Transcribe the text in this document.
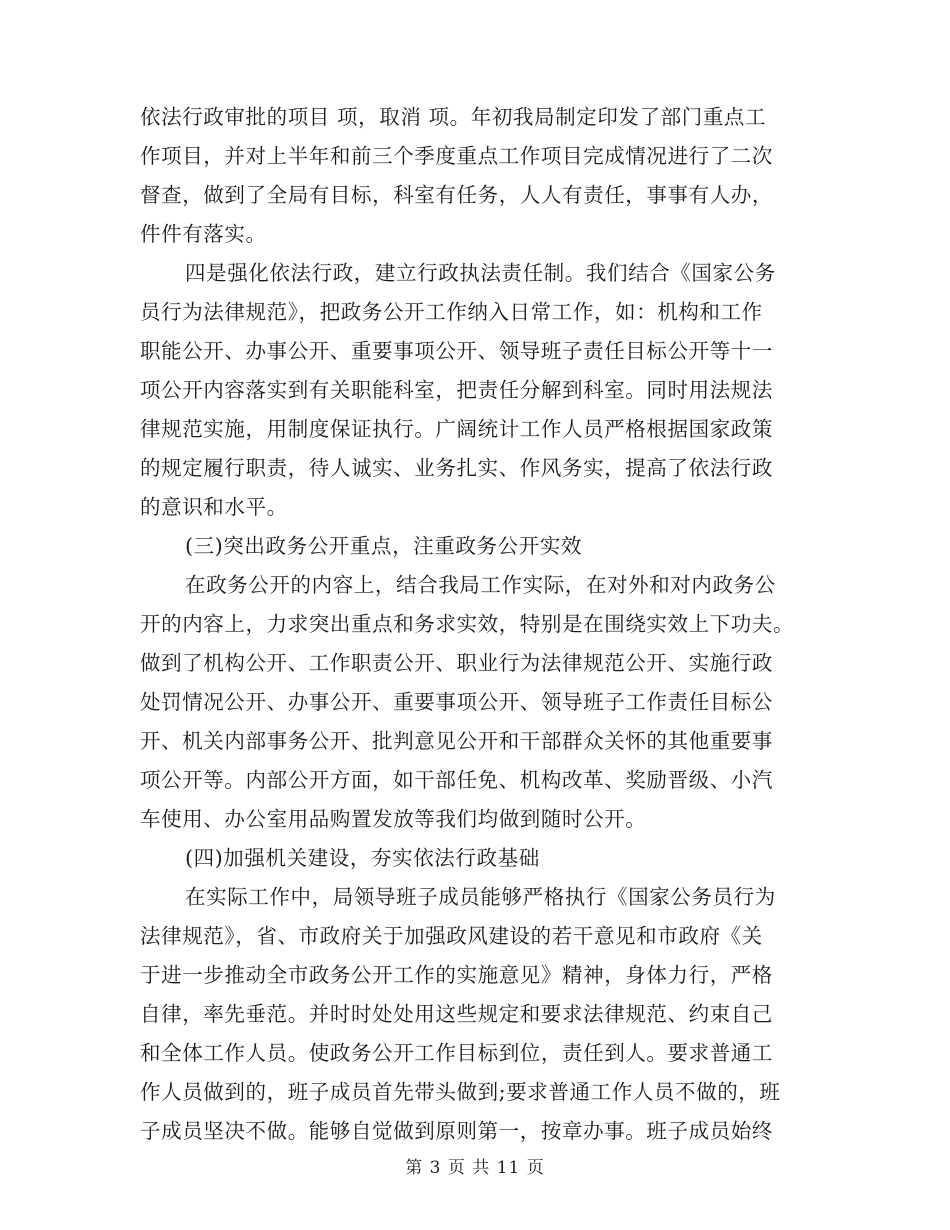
依法行政审批的项目 项，取消 项。年初我局制定印发了部门重点工
作项目，并对上半年和前三个季度重点工作项目完成情况进行了二次
督查，做到了全局有目标，科室有任务，人人有责任，事事有人办，
件件有落实。
四是强化依法行政，建立行政执法责任制。我们结合《国家公务
员行为法律规范》，把政务公开工作纳入日常工作，如：机构和工作
职能公开、办事公开、重要事项公开、领导班子责任目标公开等十一
项公开内容落实到有关职能科室，把责任分解到科室。同时用法规法
律规范实施，用制度保证执行。广阔统计工作人员严格根据国家政策
的规定履行职责，待人诚实、业务扎实、作风务实，提高了依法行政
的意识和水平。
(三)突出政务公开重点，注重政务公开实效
在政务公开的内容上，结合我局工作实际，在对外和对内政务公
开的内容上，力求突出重点和务求实效，特别是在围绕实效上下功夫。
做到了机构公开、工作职责公开、职业行为法律规范公开、实施行政
处罚情况公开、办事公开、重要事项公开、领导班子工作责任目标公
开、机关内部事务公开、批判意见公开和干部群众关怀的其他重要事
项公开等。内部公开方面，如干部任免、机构改革、奖励晋级、小汽
车使用、办公室用品购置发放等我们均做到随时公开。
(四)加强机关建设，夯实依法行政基础
在实际工作中，局领导班子成员能够严格执行《国家公务员行为
法律规范》，省、市政府关于加强政风建设的若干意见和市政府《关
于进一步推动全市政务公开工作的实施意见》精神，身体力行，严格
自律，率先垂范。并时时处处用这些规定和要求法律规范、约束自己
和全体工作人员。使政务公开工作目标到位，责任到人。要求普通工
作人员做到的，班子成员首先带头做到;要求普通工作人员不做的，班
子成员坚决不做。能够自觉做到原则第一，按章办事。班子成员始终
第 3 页 共 11 页
